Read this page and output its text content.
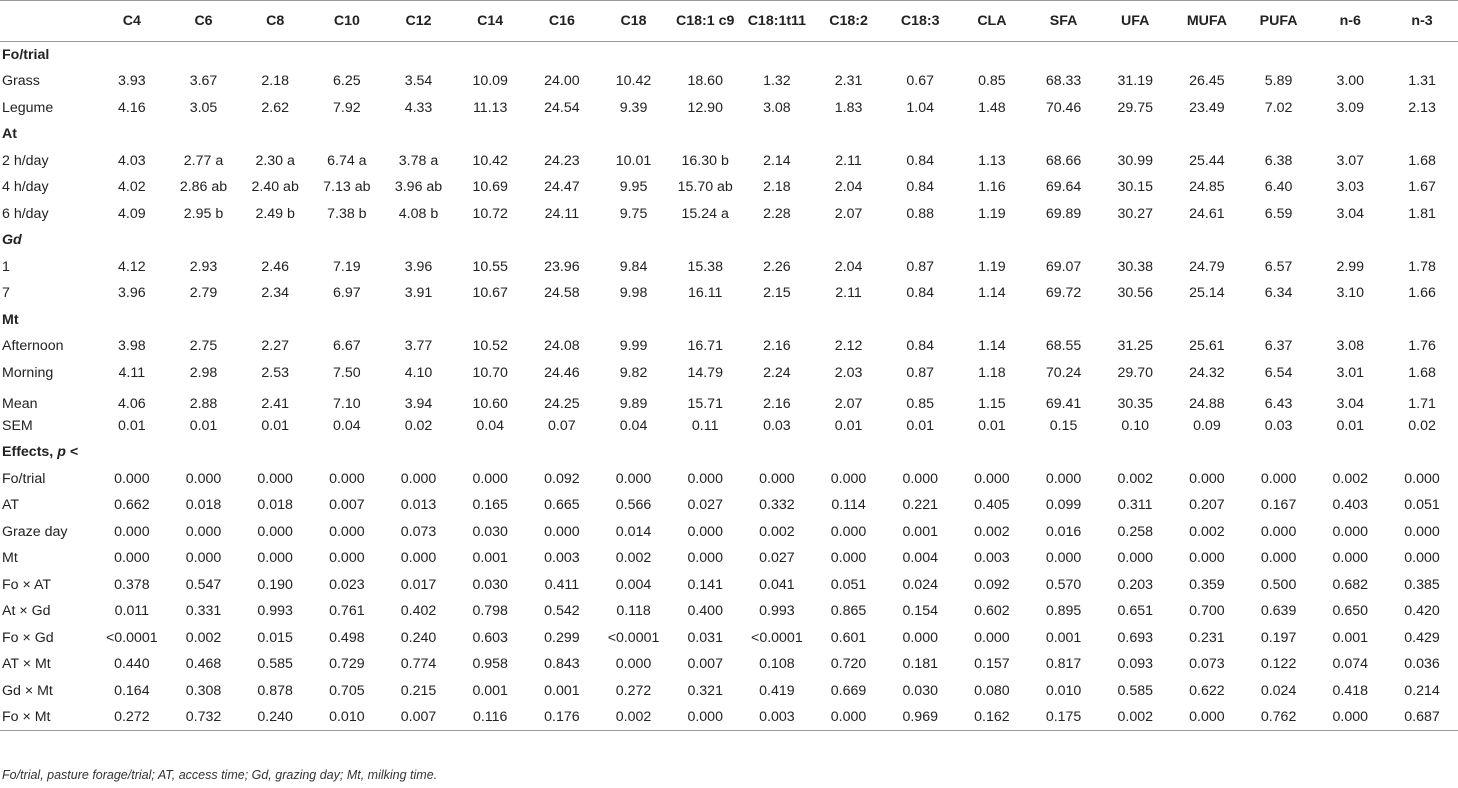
	C4	C6	C8	C10	C12	C14	C16	C18	C18:1 c9	C18:1t11	C18:2	C18:3	CLA	SFA	UFA	MUFA	PUFA	n-6	n-3
Fo/trial																			
Grass	3.93	3.67	2.18	6.25	3.54	10.09	24.00	10.42	18.60	1.32	2.31	0.67	0.85	68.33	31.19	26.45	5.89	3.00	1.31
Legume	4.16	3.05	2.62	7.92	4.33	11.13	24.54	9.39	12.90	3.08	1.83	1.04	1.48	70.46	29.75	23.49	7.02	3.09	2.13
At																			
2 h/day	4.03	2.77 a	2.30 a	6.74 a	3.78 a	10.42	24.23	10.01	16.30 b	2.14	2.11	0.84	1.13	68.66	30.99	25.44	6.38	3.07	1.68
4 h/day	4.02	2.86 ab	2.40 ab	7.13 ab	3.96 ab	10.69	24.47	9.95	15.70 ab	2.18	2.04	0.84	1.16	69.64	30.15	24.85	6.40	3.03	1.67
6 h/day	4.09	2.95 b	2.49 b	7.38 b	4.08 b	10.72	24.11	9.75	15.24 a	2.28	2.07	0.88	1.19	69.89	30.27	24.61	6.59	3.04	1.81
Gd																			
1	4.12	2.93	2.46	7.19	3.96	10.55	23.96	9.84	15.38	2.26	2.04	0.87	1.19	69.07	30.38	24.79	6.57	2.99	1.78
7	3.96	2.79	2.34	6.97	3.91	10.67	24.58	9.98	16.11	2.15	2.11	0.84	1.14	69.72	30.56	25.14	6.34	3.10	1.66
Mt																			
Afternoon	3.98	2.75	2.27	6.67	3.77	10.52	24.08	9.99	16.71	2.16	2.12	0.84	1.14	68.55	31.25	25.61	6.37	3.08	1.76
Morning	4.11	2.98	2.53	7.50	4.10	10.70	24.46	9.82	14.79	2.24	2.03	0.87	1.18	70.24	29.70	24.32	6.54	3.01	1.68
Mean	4.06	2.88	2.41	7.10	3.94	10.60	24.25	9.89	15.71	2.16	2.07	0.85	1.15	69.41	30.35	24.88	6.43	3.04	1.71
SEM	0.01	0.01	0.01	0.04	0.02	0.04	0.07	0.04	0.11	0.03	0.01	0.01	0.01	0.15	0.10	0.09	0.03	0.01	0.02
Effects, p <																			
Fo/trial	0.000	0.000	0.000	0.000	0.000	0.000	0.092	0.000	0.000	0.000	0.000	0.000	0.000	0.000	0.002	0.000	0.000	0.002	0.000
AT	0.662	0.018	0.018	0.007	0.013	0.165	0.665	0.566	0.027	0.332	0.114	0.221	0.405	0.099	0.311	0.207	0.167	0.403	0.051
Graze day	0.000	0.000	0.000	0.000	0.073	0.030	0.000	0.014	0.000	0.002	0.000	0.001	0.002	0.016	0.258	0.002	0.000	0.000	0.000
Mt	0.000	0.000	0.000	0.000	0.000	0.001	0.003	0.002	0.000	0.027	0.000	0.004	0.003	0.000	0.000	0.000	0.000	0.000	0.000
Fo × AT	0.378	0.547	0.190	0.023	0.017	0.030	0.411	0.004	0.141	0.041	0.051	0.024	0.092	0.570	0.203	0.359	0.500	0.682	0.385
At × Gd	0.011	0.331	0.993	0.761	0.402	0.798	0.542	0.118	0.400	0.993	0.865	0.154	0.602	0.895	0.651	0.700	0.639	0.650	0.420
Fo × Gd	<0.0001	0.002	0.015	0.498	0.240	0.603	0.299	<0.0001	0.031	<0.0001	0.601	0.000	0.000	0.001	0.693	0.231	0.197	0.001	0.429
AT × Mt	0.440	0.468	0.585	0.729	0.774	0.958	0.843	0.000	0.007	0.108	0.720	0.181	0.157	0.817	0.093	0.073	0.122	0.074	0.036
Gd × Mt	0.164	0.308	0.878	0.705	0.215	0.001	0.001	0.272	0.321	0.419	0.669	0.030	0.080	0.010	0.585	0.622	0.024	0.418	0.214
Fo × Mt	0.272	0.732	0.240	0.010	0.007	0.116	0.176	0.002	0.000	0.003	0.000	0.969	0.162	0.175	0.002	0.000	0.762	0.000	0.687
Fo/trial, pasture forage/trial; AT, access time; Gd, grazing day; Mt, milking time.
